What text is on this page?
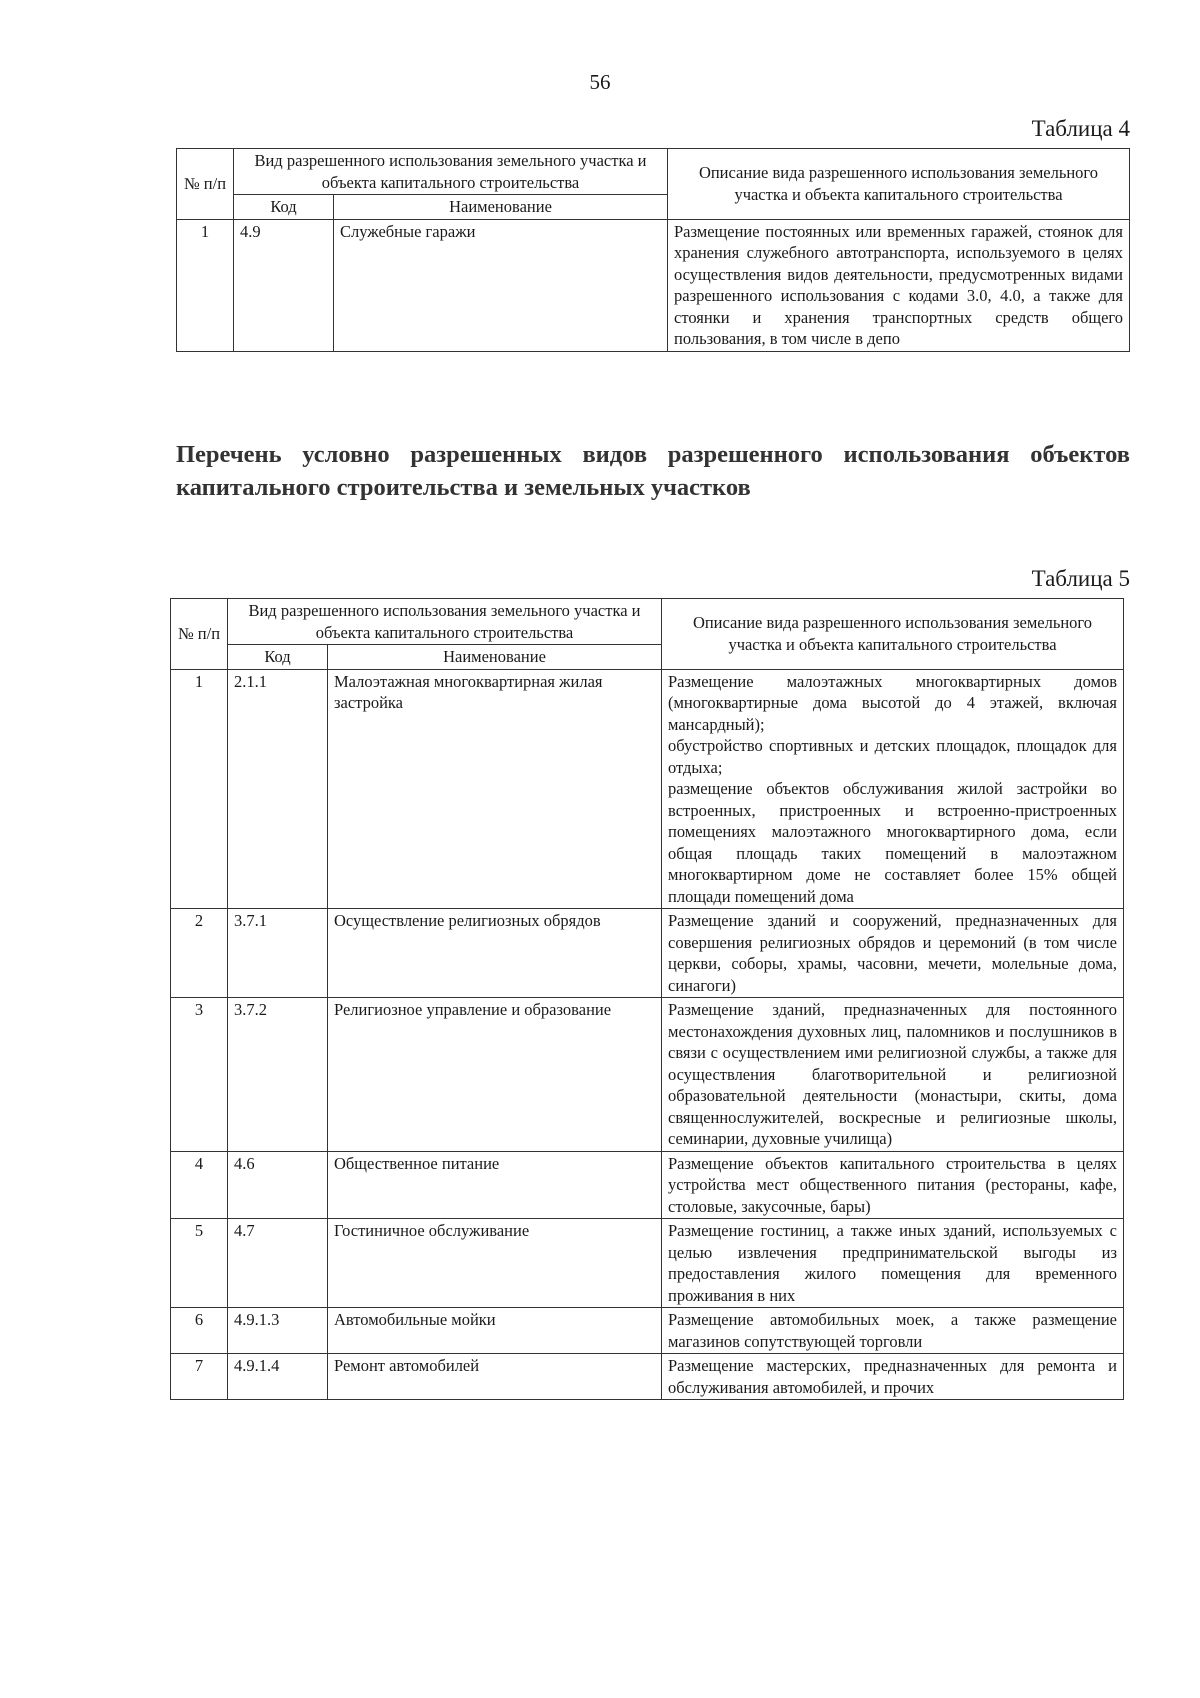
56
Таблица 4
№ п/п	Вид разрешенного использования земельного участка и объекта капитального строительства		Описание вида разрешенного использования земельного участка и объекта капитального строительства
	Код	Наименование	
1	4.9	Служебные гаражи	Размещение постоянных или временных гаражей, стоянок для хранения служебного автотранспорта, используемого в целях осуществления видов деятельности, предусмотренных видами разрешенного использования с кодами 3.0, 4.0, а также для стоянки и хранения транспортных средств общего пользования, в том числе в депо
Перечень условно разрешенных видов разрешенного использования объектов капитального строительства и земельных участков
Таблица 5
№ п/п	Вид разрешенного использования земельного участка и объекта капитального строительства		Описание вида разрешенного использования земельного участка и объекта капитального строительства
	Код	Наименование	
1	2.1.1	Малоэтажная многоквартирная жилая застройка	Размещение малоэтажных многоквартирных домов (многоквартирные дома высотой до 4 этажей, включая мансардный);
обустройство спортивных и детских площадок, площадок для отдыха;
размещение объектов обслуживания жилой застройки во встроенных, пристроенных и встроенно-пристроенных помещениях малоэтажного многоквартирного дома, если общая площадь таких помещений в малоэтажном многоквартирном доме не составляет более 15% общей площади помещений дома
2	3.7.1	Осуществление религиозных обрядов	Размещение зданий и сооружений, предназначенных для совершения религиозных обрядов и церемоний (в том числе церкви, соборы, храмы, часовни, мечети, молельные дома, синагоги)
3	3.7.2	Религиозное управление и образование	Размещение зданий, предназначенных для постоянного местонахождения духовных лиц, паломников и послушников в связи с осуществлением ими религиозной службы, а также для осуществления благотворительной и религиозной образовательной деятельности (монастыри, скиты, дома священнослужителей, воскресные и религиозные школы, семинарии, духовные училища)
4	4.6	Общественное питание	Размещение объектов капитального строительства в целях устройства мест общественного питания (рестораны, кафе, столовые, закусочные, бары)
5	4.7	Гостиничное обслуживание	Размещение гостиниц, а также иных зданий, используемых с целью извлечения предпринимательской выгоды из предоставления жилого помещения для временного проживания в них
6	4.9.1.3	Автомобильные мойки	Размещение автомобильных моек, а также размещение магазинов сопутствующей торговли
7	4.9.1.4	Ремонт автомобилей	Размещение мастерских, предназначенных для ремонта и обслуживания автомобилей, и прочих
